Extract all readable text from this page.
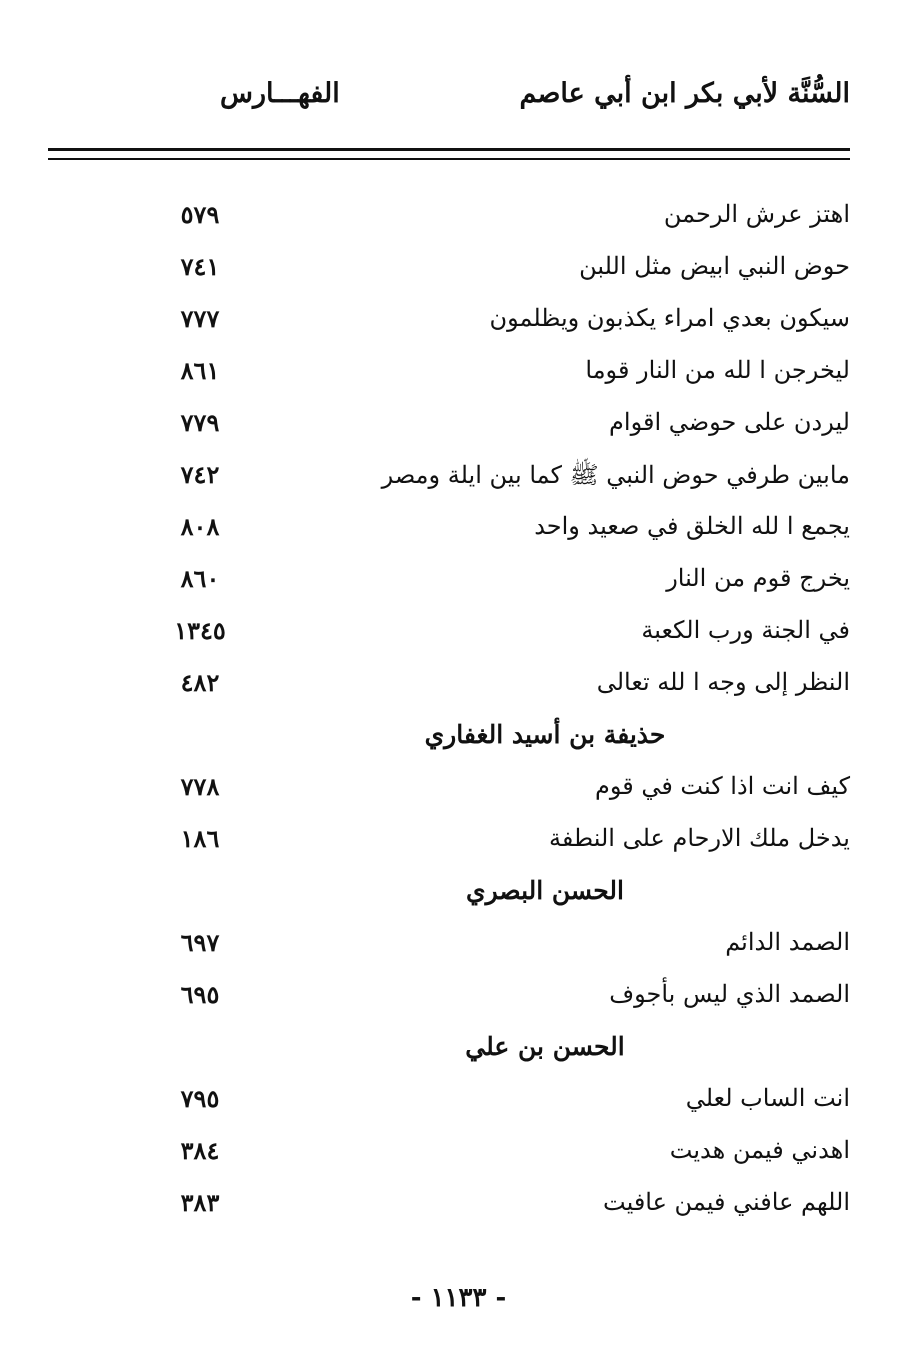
السُّنَّة لأبي بكر ابن أبي عاصم
الفهـــارس
اهتز عرش الرحمن
٥٧٩
حوض النبي ابيض مثل اللبن
٧٤١
سيكون بعدي امراء يكذبون ويظلمون
٧٧٧
ليخرجن ا لله من النار قوما
٨٦١
ليردن على حوضي اقوام
٧٧٩
مابين طرفي حوض النبي ﷺ كما بين ايلة ومصر
٧٤٢
يجمع ا لله الخلق في صعيد واحد
٨٠٨
يخرج قوم من النار
٨٦٠
في الجنة ورب الكعبة
١٣٤٥
النظر إلى وجه ا لله تعالى
٤٨٢
حذيفة بن أسيد الغفاري
كيف انت اذا كنت في قوم
٧٧٨
يدخل ملك الارحام على النطفة
١٨٦
الحسن البصري
الصمد الدائم
٦٩٧
الصمد الذي ليس بأجوف
٦٩٥
الحسن بن علي
انت الساب لعلي
٧٩٥
اهدني فيمن هديت
٣٨٤
اللهم عافني فيمن عافيت
٣٨٣
- ١١٣٣ -
